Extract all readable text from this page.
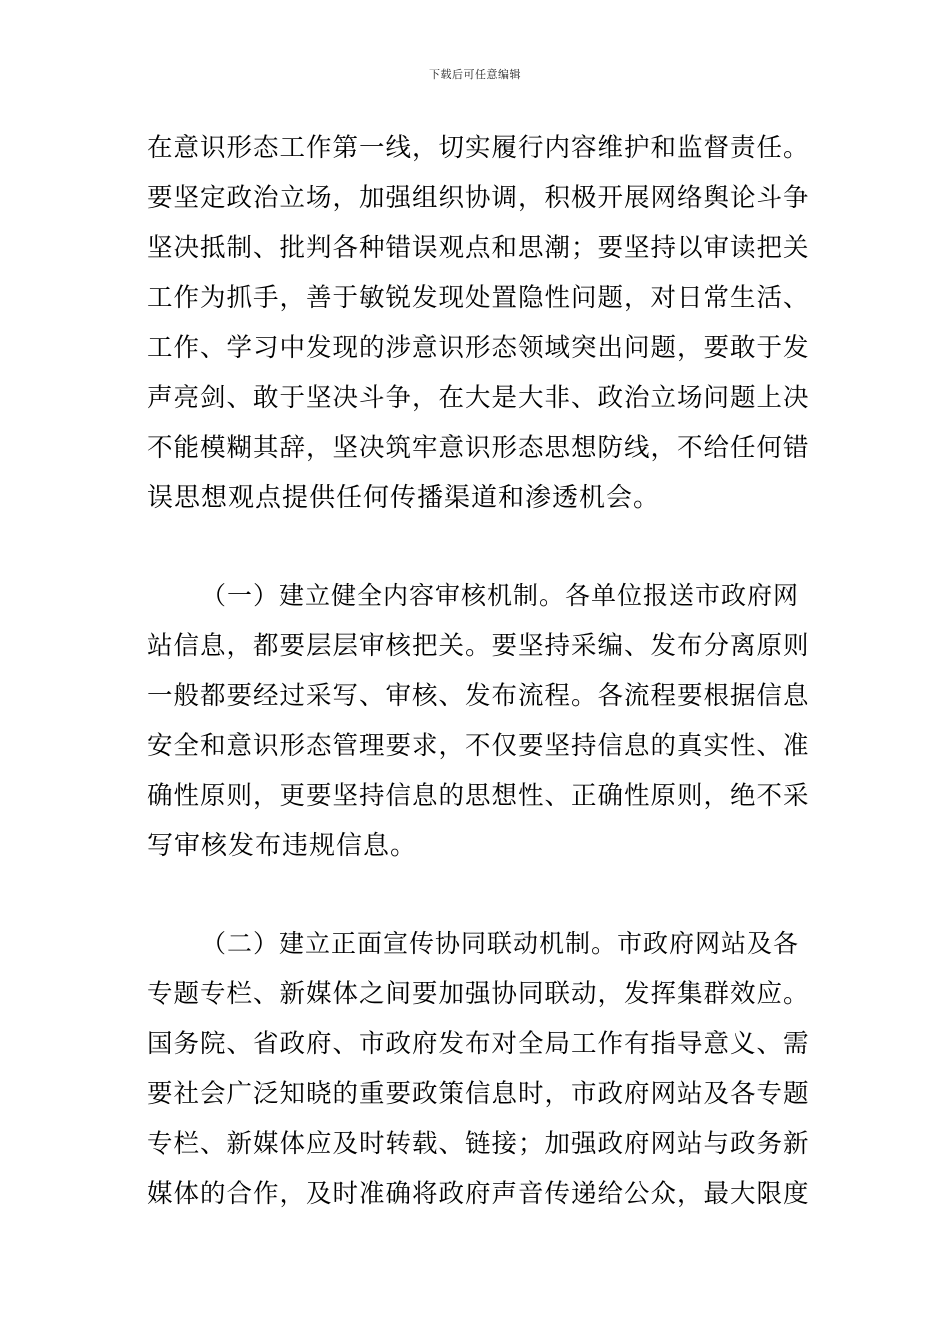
下载后可任意编辑
在意识形态工作第一线，切实履行内容维护和监督责任。
要坚定政治立场，加强组织协调，积极开展网络舆论斗争
坚决抵制、批判各种错误观点和思潮；要坚持以审读把关
工作为抓手，善于敏锐发现处置隐性问题，对日常生活、
工作、学习中发现的涉意识形态领域突出问题，要敢于发
声亮剑、敢于坚决斗争，在大是大非、政治立场问题上决
不能模糊其辞，坚决筑牢意识形态思想防线，不给任何错
误思想观点提供任何传播渠道和渗透机会。
（一）建立健全内容审核机制。各单位报送市政府网
站信息，都要层层审核把关。要坚持采编、发布分离原则
一般都要经过采写、审核、发布流程。各流程要根据信息
安全和意识形态管理要求，不仅要坚持信息的真实性、准
确性原则，更要坚持信息的思想性、正确性原则，绝不采
写审核发布违规信息。
（二）建立正面宣传协同联动机制。市政府网站及各
专题专栏、新媒体之间要加强协同联动，发挥集群效应。
国务院、省政府、市政府发布对全局工作有指导意义、需
要社会广泛知晓的重要政策信息时，市政府网站及各专题
专栏、新媒体应及时转载、链接；加强政府网站与政务新
媒体的合作，及时准确将政府声音传递给公众，最大限度
